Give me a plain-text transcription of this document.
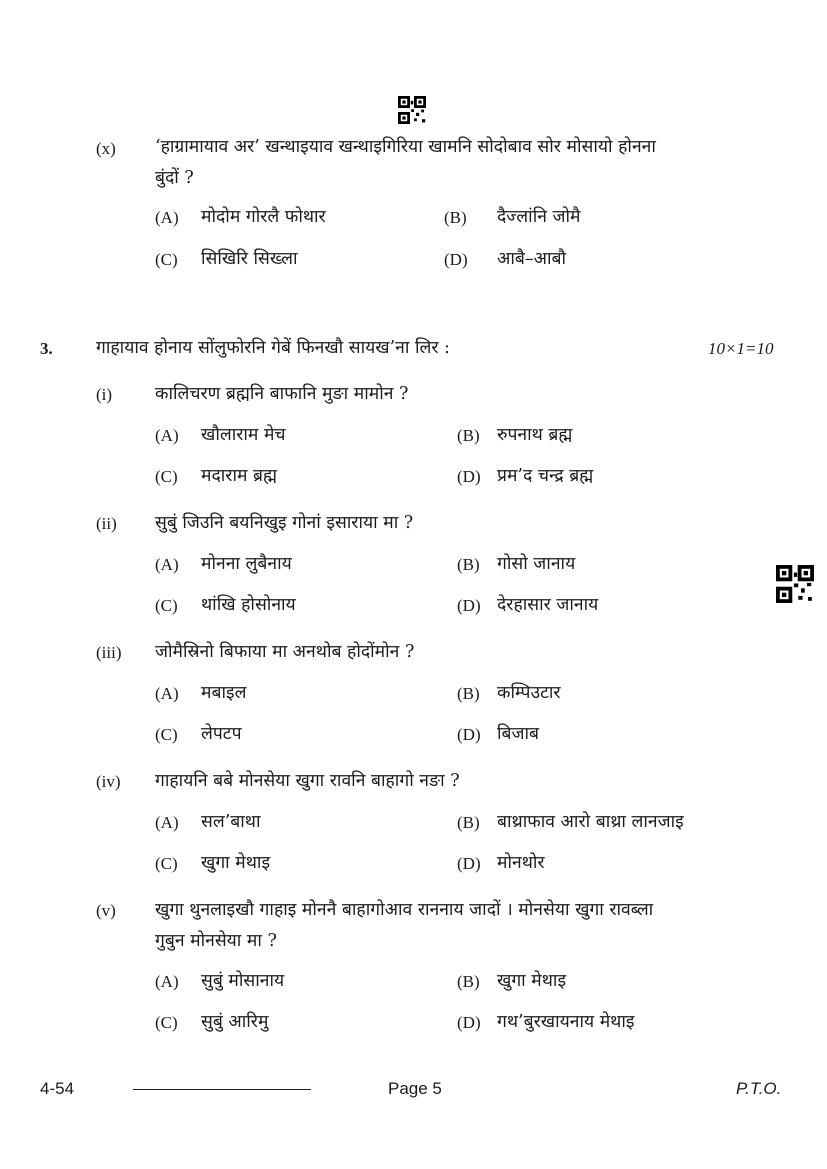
(x) ‘हाग्रामायाव अर’ खन्थाइयाव खन्थाइगिरिया खामनि सोदोबाव सोर मोसायो होनना
बुंदों ?
(A) मोदोम गोरलै फोथार	(B) दैज्लांनि जोमै
(C) सिखिरि सिख्ला	(D) आबै–आबौ
3. गाहायाव होनाय सोंलुफोरनि गेबें फिनखौ सायख’ना लिर :	10×1=10
(i) कालिचरण ब्रह्मनि बाफानि मुङा मामोन ?
(A) खौलाराम मेच	(B) रुपनाथ ब्रह्म
(C) मदाराम ब्रह्म	(D) प्रम’द चन्द्र ब्रह्म
(ii) सुबुं जिउनि बयनिखुइ गोनां इसाराया मा ?
(A) मोनना लुबैनाय	(B) गोसो जानाय
(C) थांखि होसोनाय	(D) देरहासार जानाय
(iii) जोमैस्रिनो बिफाया मा अनथोब होदोंमोन ?
(A) मबाइल	(B) कम्पिउटार
(C) लेपटप	(D) बिजाब
(iv) गाहायनि बबे मोनसेया खुगा रावनि बाहागो नङा ?
(A) सल’बाथा	(B) बाथ्राफाव आरो बाथ्रा लानजाइ
(C) खुगा मेथाइ	(D) मोनथोर
(v) खुगा थुनलाइखौ गाहाइ मोननै बाहागोआव राननाय जादों । मोनसेया खुगा रावब्ला
गुबुन मोनसेया मा ?
(A) सुबुं मोसानाय	(B) खुगा मेथाइ
(C) सुबुं आरिमु	(D) गथ’बुरखायनाय मेथाइ
4-54	Page 5	P.T.O.
